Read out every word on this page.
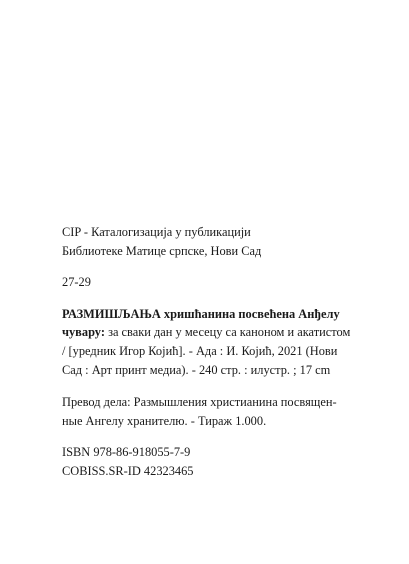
CIP - Каталогизација у публикацији
Библиотеке Матице српске, Нови Сад
27-29
РАЗМИШЉАЊА хришћанина посвећена Анђелу
чувару: за сваки дан у месецу са каноном и акатистом
/ [уредник Игор Којић]. - Ада : И. Којић, 2021 (Нови
Сад : Арт принт медиа). - 240 стр. : илустр. ; 17 cm
Превод дела: Размышления христианина посвящен-
ные Ангелу хранителю. - Тираж 1.000.
ISBN 978-86-918055-7-9
COBISS.SR-ID 42323465
